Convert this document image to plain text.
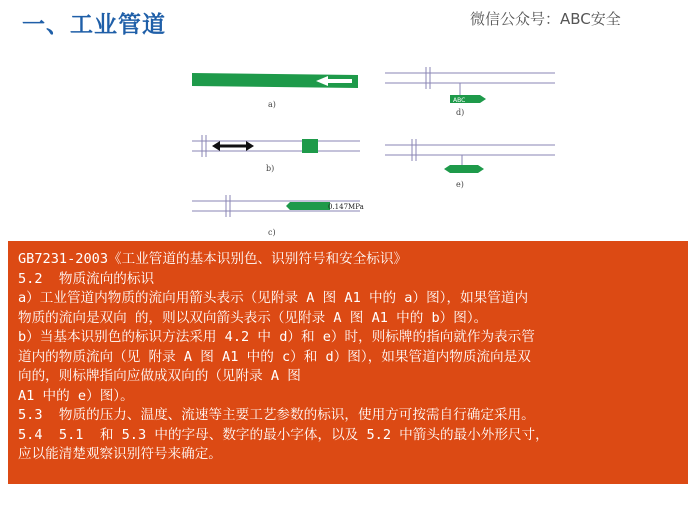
一、工业管道	微信公众号：ABC安全
a)
b)
0.147MPa
c)
ABC
d)
e)
GB7231-2003《工业管道的基本识别色、识别符号和安全标识》
5.2  物质流向的标识
a）工业管道内物质的流向用箭头表示（见附录 A 图 A1 中的 a）图），如果管道内
物质的流向是双向 的，则以双向箭头表示（见附录 A 图 A1 中的 b）图）。
b）当基本识别色的标识方法采用 4.2 中 d）和 e）时，则标牌的指向就作为表示管
道内的物质流向（见 附录 A 图 A1 中的 c）和 d）图），如果管道内物质流向是双
向的，则标牌指向应做成双向的（见附录 A 图
A1 中的 e）图）。
5.3  物质的压力、温度、流速等主要工艺参数的标识，使用方可按需自行确定采用。
5.4  5.1  和 5.3 中的字母、数字的最小字体，以及 5.2 中箭头的最小外形尺寸，
应以能清楚观察识别符号来确定。
